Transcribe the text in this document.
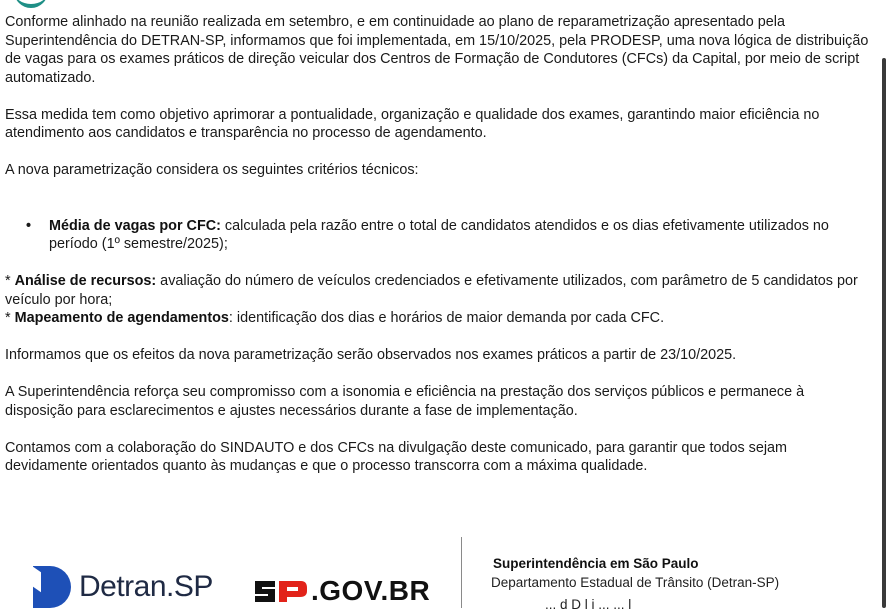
Conforme alinhado na reunião realizada em setembro, e em continuidade ao plano de reparametrização apresentado pela Superintendência do DETRAN-SP, informamos que foi implementada, em 15/10/2025, pela PRODESP, uma nova lógica de distribuição de vagas para os exames práticos de direção veicular dos Centros de Formação de Condutores (CFCs) da Capital, por meio de script automatizado.

Essa medida tem como objetivo aprimorar a pontualidade, organização e qualidade dos exames, garantindo maior eficiência no atendimento aos candidatos e transparência no processo de agendamento.

A nova parametrização considera os seguintes critérios técnicos:

• Média de vagas por CFC: calculada pela razão entre o total de candidatos atendidos e os dias efetivamente utilizados no período (1º semestre/2025);

* Análise de recursos: avaliação do número de veículos credenciados e efetivamente utilizados, com parâmetro de 5 candidatos por veículo por hora;

* Mapeamento de agendamentos: identificação dos dias e horários de maior demanda por cada CFC.

Informamos que os efeitos da nova parametrização serão observados nos exames práticos a partir de 23/10/2025.

A Superintendência reforça seu compromisso com a isonomia e eficiência na prestação dos serviços públicos e permanece à disposição para esclarecimentos e ajustes necessários durante a fase de implementação.

Contamos com a colaboração do SINDAUTO e dos CFCs na divulgação deste comunicado, para garantir que todos sejam devidamente orientados quanto às mudanças e que o processo transcorra com a máxima qualidade.

Detran.SP	.GOV.BR
Superintendência em São Paulo
Departamento Estadual de Trânsito (Detran-SP)
... d D l i ... ... l
